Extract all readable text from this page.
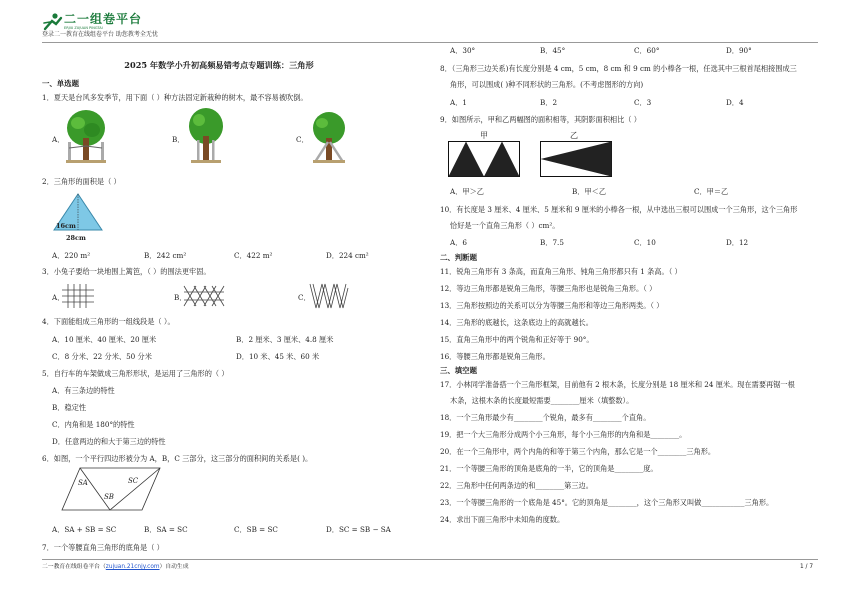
二一组卷平台
ERJIU ZUJUAN PINGTAI
登录二一教育在线组卷平台 助您教考全无忧
2025 年数学小升初高频易错考点专题训练：三角形
一、单选题
1．夏天是台风多发季节，用下面（ ）种方法固定新栽种的树木，最不容易被吹倒。
A．	B．	C．
2．三角形的面积是（ ）
16cm
28cm
A．220 m²	B．242 cm²	C．422 m²	D．224 cm²
3．小兔子要给一块地围上篱笆，（ ）的围法更牢固。
A．	B．	C．
4．下面能组成三角形的一组线段是（ ）。
A．10 厘米、40 厘米、20 厘米	B．2 厘米、3 厘米、4.8 厘米
C．8 分米、22 分米、50 分米	D．10 米、45 米、60 米
5．自行车的车架做成三角形形状，是运用了三角形的（ ）
A．有三条边的特性
B．稳定性
C．内角和是 180°的特性
D．任意两边的和大于第三边的特性
6．如图，一个平行四边形被分为 A，B，C 三部分，这三部分的面积间的关系是( )。
SA	SC
SB
A．SA + SB = SC	B．SA = SC	C．SB = SC	D．SC = SB − SA
7．一个等腰直角三角形的底角是（ ）
A．30°	B．45°	C．60°	D．90°
8．（三角形三边关系)有长度分别是 4 cm，5 cm，8 cm 和 9 cm 的小棒各一根，任选其中三根首尾相接围成三
角形，可以围成( )种不同形状的三角形。(不考虑图形的方向)
A．1	B．2	C．3	D．4
9．如图所示，甲和乙两幅图的面积相等，其阴影面积相比（ ）
甲	乙
A．甲＞乙	B．甲＜乙	C．甲＝乙
10．有长度是 3 厘米、4 厘米、5 厘米和 9 厘米的小棒各一根，从中选出三根可以围成一个三角形，这个三角形
恰好是一个直角三角形（ ）cm²。
A．6	B．7.5	C．10	D．12
二、判断题
11．锐角三角形有 3 条高，而直角三角形、钝角三角形都只有 1 条高。（ ）
12．等边三角形都是锐角三角形，等腰三角形也是锐角三角形。（ ）
13．三角形按照边的关系可以分为等腰三角形和等边三角形两类。（ ）
14．三角形的底越长，这条底边上的高就越长。
15．直角三角形中的两个锐角和正好等于 90°。
16．等腰三角形都是锐角三角形。
三、填空题
17．小林同学准备搭一个三角形框架，目前他有 2 根木条，长度分别是 18 厘米和 24 厘米。现在需要再锯一根
木条，这根木条的长度最短需要________厘米（填整数）。
18．一个三角形最少有________个锐角，最多有________个直角。
19．把一个大三角形分成两个小三角形，每个小三角形的内角和是________。
20．在一个三角形中，两个内角的和等于第三个内角，那么它是一个________三角形。
21．一个等腰三角形的顶角是底角的一半，它的顶角是________度。
22．三角形中任何两条边的和________第三边。
23．一个等腰三角形的一个底角是 45°。它的顶角是________，这个三角形又叫做____________三角形。
24．求出下面三角形中未知角的度数。
二一教育在线组卷平台（zujuan.21cnjy.com）自动生成	1 / 7
